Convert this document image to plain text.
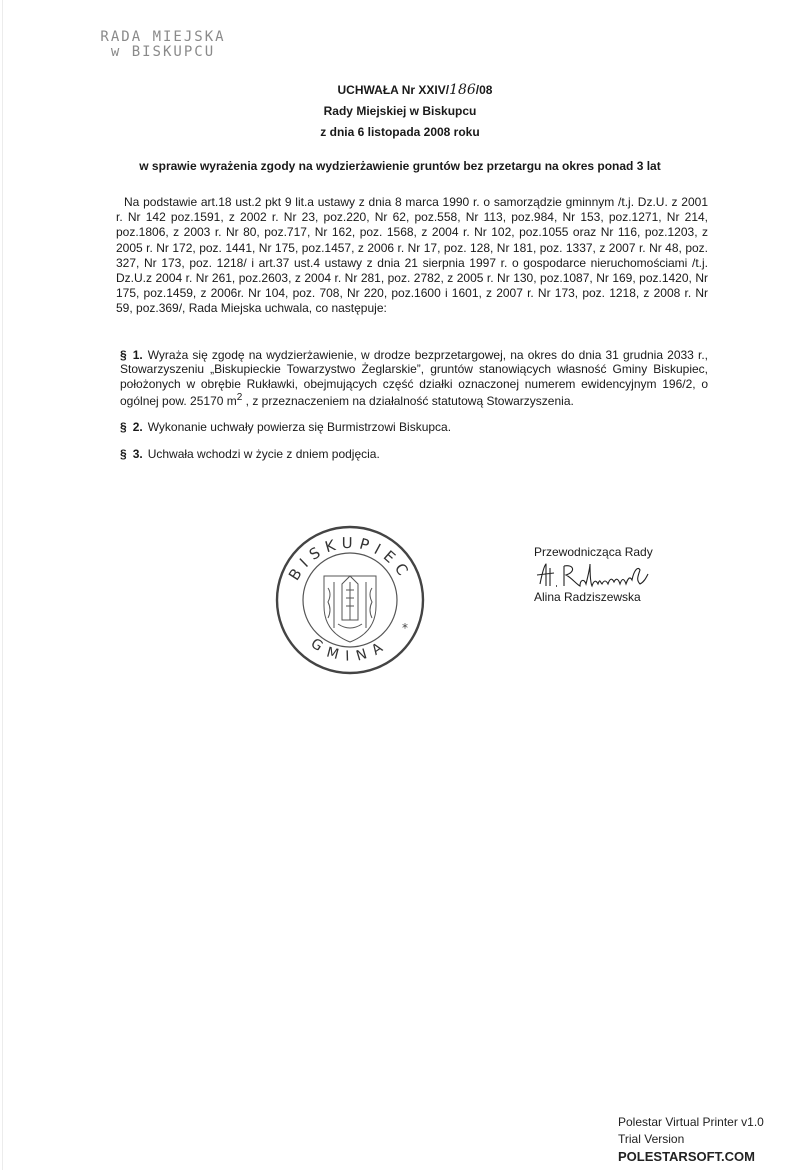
RADA MIEJSKA
w BISKUPCU
UCHWAŁA Nr XXIV/186/08
Rady Miejskiej w Biskupcu
z dnia 6 listopada 2008 roku
w sprawie wyrażenia zgody na wydzierżawienie gruntów bez przetargu na okres ponad 3 lat

Na podstawie art.18 ust.2 pkt 9 lit.a ustawy z dnia 8 marca 1990 r. o samorządzie gminnym /t.j. Dz.U. z 2001 r. Nr 142 poz.1591, z 2002 r. Nr 23, poz.220, Nr 62, poz.558, Nr 113, poz.984, Nr 153, poz.1271, Nr 214, poz.1806, z 2003 r. Nr 80, poz.717, Nr 162, poz. 1568, z 2004 r. Nr 102, poz.1055 oraz Nr 116, poz.1203, z 2005 r. Nr 172, poz. 1441, Nr 175, poz.1457, z 2006 r. Nr 17, poz. 128, Nr 181, poz. 1337, z 2007 r. Nr 48, poz. 327, Nr 173, poz. 1218/ i art.37 ust.4 ustawy z dnia 21 sierpnia 1997 r. o gospodarce nieruchomościami /t.j. Dz.U.z 2004 r. Nr 261, poz.2603, z 2004 r. Nr 281, poz. 2782, z 2005 r. Nr 130, poz.1087, Nr 169, poz.1420, Nr 175, poz.1459, z 2006r. Nr 104, poz. 708, Nr 220, poz.1600 i 1601, z 2007 r. Nr 173, poz. 1218, z 2008 r. Nr 59, poz.369/, Rada Miejska uchwala, co następuje:

§ 1. Wyraża się zgodę na wydzierżawienie, w drodze bezprzetargowej, na okres do dnia 31 grudnia 2033 r., Stowarzyszeniu „Biskupieckie Towarzystwo Żeglarskie”, gruntów stanowiących własność Gminy Biskupiec, położonych w obrębie Rukławki, obejmujących część działki oznaczonej numerem ewidencyjnym 196/2, o ogólnej pow. 25170 $m^2$ , z przeznaczeniem na działalność statutową Stowarzyszenia.
§ 2. Wykonanie uchwały powierza się Burmistrzowi Biskupca.
§ 3. Uchwała wchodzi w życie z dniem podjęcia.
BISKUPIEC
GMINA
*
Przewodnicząca Rady
Alina Radziszewska
Polestar Virtual Printer v1.0
Trial Version
POLESTARSOFT.COM
